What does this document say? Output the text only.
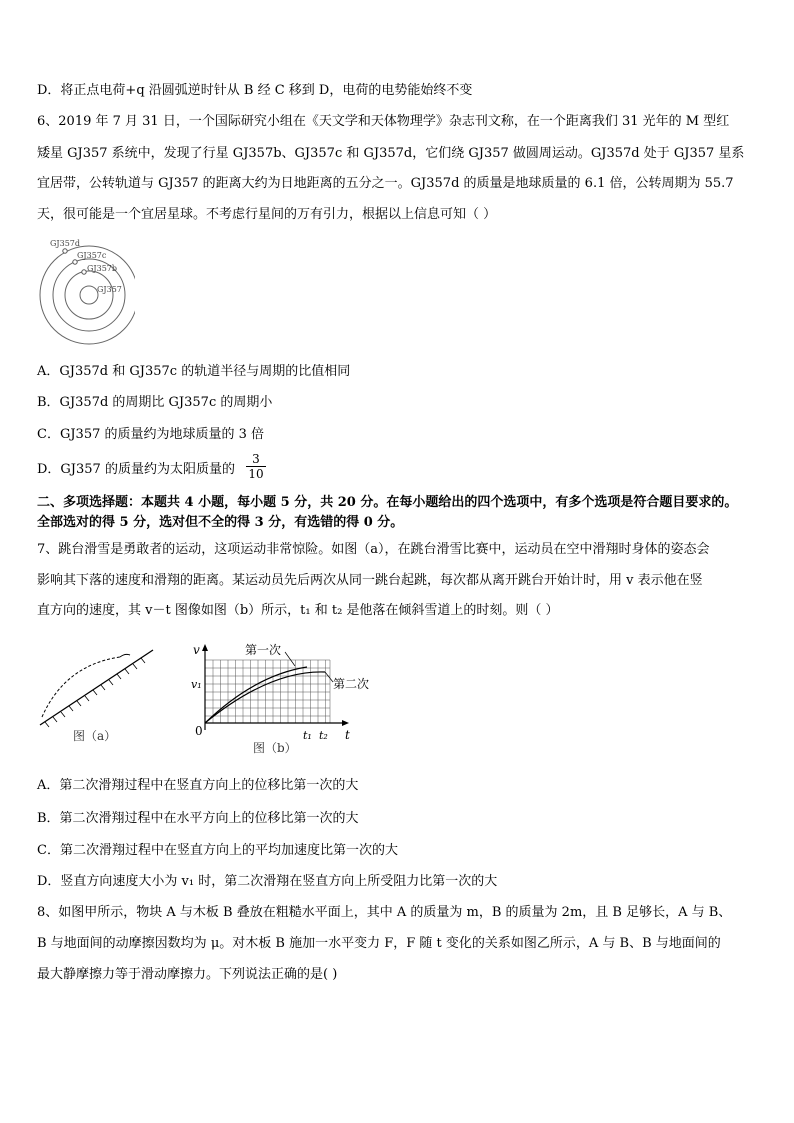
D．将正点电荷+q 沿圆弧逆时针从 B 经 C 移到 D，电荷的电势能始终不变
6、2019 年 7 月 31 日，一个国际研究小组在《天文学和天体物理学》杂志刊文称，在一个距离我们 31 光年的 M 型红
矮星 GJ357 系统中，发现了行星 GJ357b、GJ357c 和 GJ357d，它们绕 GJ357 做圆周运动。GJ357d 处于 GJ357 星系
宜居带，公转轨道与 GJ357 的距离大约为日地距离的五分之一。GJ357d 的质量是地球质量的 6.1 倍，公转周期为 55.7
天，很可能是一个宜居星球。不考虑行星间的万有引力，根据以上信息可知（ ）
GJ357d
GJ357c
GJ357b
GJ357
A．GJ357d 和 GJ357c 的轨道半径与周期的比值相同
B．GJ357d 的周期比 GJ357c 的周期小
C．GJ357 的质量约为地球质量的 3 倍
D．GJ357 的质量约为太阳质量的 $\frac{3}{10}$
二、多项选择题：本题共 4 小题，每小题 5 分，共 20 分。在每小题给出的四个选项中，有多个选项是符合题目要求的。
全部选对的得 5 分，选对但不全的得 3 分，有选错的得 0 分。
7、跳台滑雪是勇敢者的运动，这项运动非常惊险。如图（a），在跳台滑雪比赛中，运动员在空中滑翔时身体的姿态会
影响其下落的速度和滑翔的距离。某运动员先后两次从同一跳台起跳，每次都从离开跳台开始计时，用 v 表示他在竖
直方向的速度，其 v－t 图像如图（b）所示，t₁ 和 t₂ 是他落在倾斜雪道上的时刻。则（ ）
图（a）
v
t
0
v₁
t₁ t₂
第一次
第二次
图（b）
A．第二次滑翔过程中在竖直方向上的位移比第一次的大
B．第二次滑翔过程中在水平方向上的位移比第一次的大
C．第二次滑翔过程中在竖直方向上的平均加速度比第一次的大
D．竖直方向速度大小为 v₁ 时，第二次滑翔在竖直方向上所受阻力比第一次的大
8、如图甲所示，物块 A 与木板 B 叠放在粗糙水平面上，其中 A 的质量为 m，B 的质量为 2m，且 B 足够长，A 与 B、
B 与地面间的动摩擦因数均为 μ。对木板 B 施加一水平变力 F，F 随 t 变化的关系如图乙所示，A 与 B、B 与地面间的
最大静摩擦力等于滑动摩擦力。下列说法正确的是( )
